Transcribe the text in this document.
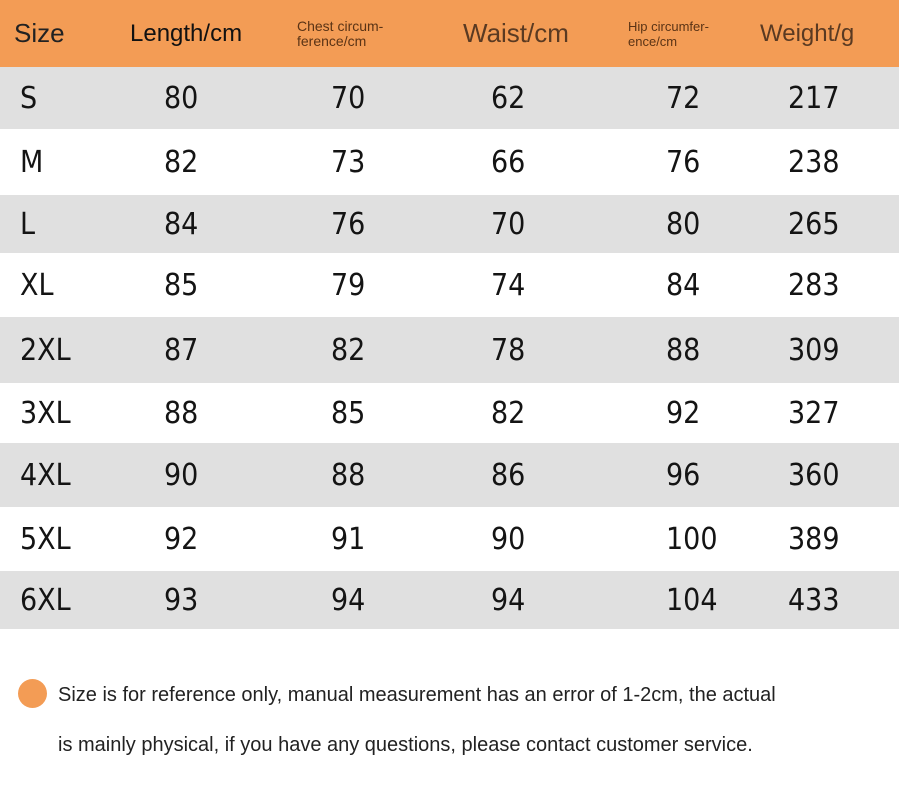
Size	Length/cm	Chest circum-ference/cm	Waist/cm	Hip circumfer-ence/cm	Weight/g
S	80	70	62	72	217
M	82	73	66	76	238
L	84	76	70	80	265
XL	85	79	74	84	283
2XL	87	82	78	88	309
3XL	88	85	82	92	327
4XL	90	88	86	96	360
5XL	92	91	90	100	389
6XL	93	94	94	104	433
Size is for reference only, manual measurement has an error of 1-2cm, the actual
is mainly physical, if you have any questions, please contact customer service.
